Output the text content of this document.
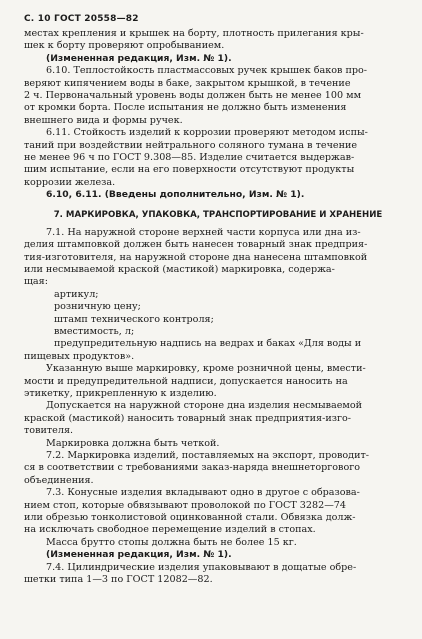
С. 10 ГОСТ 20558—82
местах крепления и крышек на борту, плотность прилегания кры-
шек к борту проверяют опробыванием.
(Измененная редакция, Изм. № 1).
6.10. Теплостойкость пластмассовых ручек крышек баков про-
веряют кипячением воды в баке, закрытом крышкой, в течение
2 ч. Первоначальный уровень воды должен быть не менее 100 мм
от кромки борта. После испытания не должно быть изменения
внешнего вида и формы ручек.
6.11. Стойкость изделий к коррозии проверяют методом испы-
таний при воздействии нейтрального соляного тумана в течение
не менее 96 ч по ГОСТ 9.308—85. Изделие считается выдержав-
шим испытание, если на его поверхности отсутствуют продукты
коррозии железа.
6.10, 6.11. (Введены дополнительно, Изм. № 1).
7. МАРКИРОВКА, УПАКОВКА, ТРАНСПОРТИРОВАНИЕ И ХРАНЕНИЕ
7.1. На наружной стороне верхней части корпуса или дна из-
делия штамповкой должен быть нанесен товарный знак предприя-
тия-изготовителя, на наружной стороне дна нанесена штамповкой
или несмываемой краской (мастикой) маркировка, содержа-
щая:
артикул;
розничную цену;
штамп технического контроля;
вместимость, л;
предупредительную надпись на ведрах и баках «Для воды и
пищевых продуктов».
Указанную выше маркировку, кроме розничной цены, вмести-
мости и предупредительной надписи, допускается наносить на
этикетку, прикрепленную к изделию.
Допускается на наружной стороне дна изделия несмываемой
краской (мастикой) наносить товарный знак предприятия-изго-
товителя.
Маркировка должна быть четкой.
7.2. Маркировка изделий, поставляемых на экспорт, проводит-
ся в соответствии с требованиями заказ-наряда внешнеторгового
объединения.
7.3. Конусные изделия вкладывают одно в другое с образова-
нием стоп, которые обвязывают проволокой по ГОСТ 3282—74
или обрезью тонколистовой оцинкованной стали. Обвязка долж-
на исключать свободное перемещение изделий в стопах.
Масса брутто стопы должна быть не более 15 кг.
(Измененная редакция, Изм. № 1).
7.4. Цилиндрические изделия упаковывают в дощатые обре-
шетки типа 1—3 по ГОСТ 12082—82.
